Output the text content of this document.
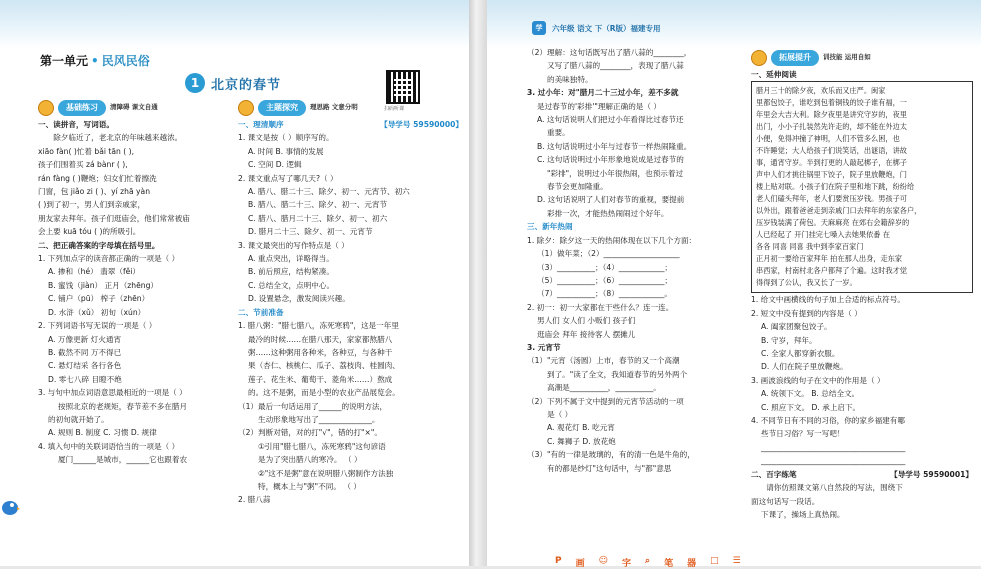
第一单元 • 民风民俗
1 北京的春节
扫码听课
基础练习	清障碍 课文自通
一、读拼音，写词语。
除夕临近了，老北京的年味越来越浓。
xiāo fàn( )忙着 bǎi tān ( ),
孩子们围着买 zá bànr ( ),
rán fàng ( )鞭炮；妇女们忙着擦洗
门窗，包 jiǎo zi ( )、yí zhā yàn
( )到了初一，男人们到亲戚家，
朋友家去拜年。孩子们逛庙会，他们常常被庙
会上要 kuā tóu ( )的所吸引。
二、把正确答案的字母填在括号里。
1. 下列加点字的读音都正确的一项是（ ）
A. 掺和（hé） 翡翠（fěi）
B. 蜜饯（jiàn） 正月（zhēng）
C. 铺户（pū） 榨子（zhēn）
D. 水浒（xǔ） 初旬（xún）
2. 下列词语书写无误的一项是（ ）
A. 万像更新 灯火通宵
B. 截然不同 万不得已
C. 悬灯结采 各行各色
D. 零七八碎 目瞪不绝
3. 与句中加点词语意思最相近的一项是（ ）
按照北京的老规矩，春节差不多在腊月
的初旬就开始了。
A. 规则 B. 制度 C. 习惯 D. 规律
4. 填入句中的关联词语恰当的一项是（ ）
厦门______是城市，______它也跟着农
主题探究	理思路 文意分明
一、理清顺序	【导学号 59590000】
1. 课文是按（ ）顺序写的。
A. 时间 B. 事情的发展
C. 空间 D. 逻辑
2. 课文重点写了哪几天?（ ）
A. 腊八、腊二十三、除夕、初一、元宵节、初六
B. 腊八、腊二十三、除夕、初一、元宵节
C. 腊八、腊月二十三、除夕、初一、初六
D. 腊月二十三、除夕、初一、元宵节
3. 课文最突出的写作特点是（ ）
A. 重点突出，详略得当。
B. 前后照应，结构紧凑。
C. 总结全文，点明中心。
D. 设置悬念，激发阅读兴趣。
二、节前准备
1. 腊八粥："腊七腊八，冻死寒鸦"，这是一年里
最冷的时候……在腊八那天，家家都熬腊八
粥……这种粥用各种米，各种豆，与各种干
果（杏仁、核桃仁、瓜子、荔枝肉、桂圆肉、
莲子、花生米、葡萄干、菱角米……）熬成
的。这不是粥，而是小型的农业产品展览会。
（1）最后一句话运用了______的说明方法，
生动形象地写出了______________。
（2）判断对错，对的打"√"，错的打"×"。
①引用"腊七腊八，冻死寒鸦"这句谚语
是为了突出腊八的寒冷。 （ ）
②"这不是粥"意在说明腊八粥制作方法独
特，概本上与"粥"不同。 （ ）
2. 腊八蒜
学	六年级 语文 下（R版）福建专用
（2）理解：这句话既写出了腊八蒜的________，
又写了腊八蒜的________，表现了腊八蒜
的美味独特。
3. 过小年：对"腊月二十三过小年，差不多就
是过春节的'彩排'"理解正确的是（ ）
A. 这句话说明人们把过小年看得比过春节还
重要。
B. 这句话说明过小年与过春节一样热闹隆重。
C. 这句话说明过小年形象地说成是过春节的
"彩排"，说明过小年很热闹，也预示着过
春节会更加隆重。
D. 这句话说明了人们对春节的重视，要提前
彩排一次，才能热热闹闹过个好年。
三、新年热闹
1. 除夕：除夕这一天的热闹体现在以下几个方面：
（1）做年菜；（2）____________________
（3）__________；（4）____________；
（5）__________；（6）____________；
（7）__________；（8）____________。
2. 初一：初一大家都在干些什么？连一连。
男人们 女人们 小贩们 孩子们
逛庙会 拜年 接待客人 摆摊儿
3. 元宵节
（1）"元宵（汤圆）上市，春节的又一个高潮
到了。"读了全文，我知道春节的另外两个
高潮是__________，__________。
（2）下列不属于文中提到的元宵节活动的一项
是（ ）
A. 观花灯 B. 吃元宵
C. 舞狮子 D. 放花炮
（3）"有的一律是玻璃的，有的清一色是牛角的，
有的都是纱灯"这句话中，与"都"意思
拓展提升	训技能 运用自如
一、延伸阅读
腊月三十的除夕夜，欢乐而又庄严。闽家
里都包饺子，谁吃到包着铜钱的饺子谁有福，一
年里会大吉大利。除夕夜里是讲究守岁的，夜里
出门，小小子扎装然先许走的，却不能在外边太
小便，免得冲撞了神明，人们不管多么困，也
不许睡觉；大人给孩子们说笑话，出谜语，讲故
事，通宵守岁。半到打更的人敲起梆子，在梆子
声中人们才挑往锅里下饺子，院子里放鞭炮，门
楼上贴对联。小孩子们在院子里和地下跳，纷纷给
老人们磕头拜年，老人们要赏压岁钱。男孩子可
以外出，跟着爸爸走到亲戚门口去拜年的东家各户，
压岁钱装满了荷包。天麻麻亮 在郊右会籍辞岁的
人已经起了 开门挂完七嗓入去她果依番 在
各各 同喜 同喜 我中到李家百家门
正月初一要给百家拜年 拍在那人出身，走东家
串西家，村南村北各户都拜了个遍。这时我才觉
得得到了公认，我又长了一岁。
1. 给文中画横线的句子加上合适的标点符号。
2. 短文中没有提到的内容是（ ）
A. 阖家团聚包饺子。
B. 守岁，拜年。
C. 全家人都穿新衣服。
D. 人们在院子里放鞭炮。
3. 画波浪线的句子在文中的作用是（ ）
A. 统领下文。 B. 总结全文。
C. 照应下文。 D. 承上启下。
4. 不同节日有不同的习俗，你的家乡福建有哪
些节日习俗？写一写吧！
______________________________________
______________________________________
二、百字练笔	【导学号 59590001】
请你仿照课文第八自然段的写法，围绕下
面这句话写一段话。
下课了，操场上真热闹。
P 画 ☺ 字 ⌕ 笔 器 □ ☰
